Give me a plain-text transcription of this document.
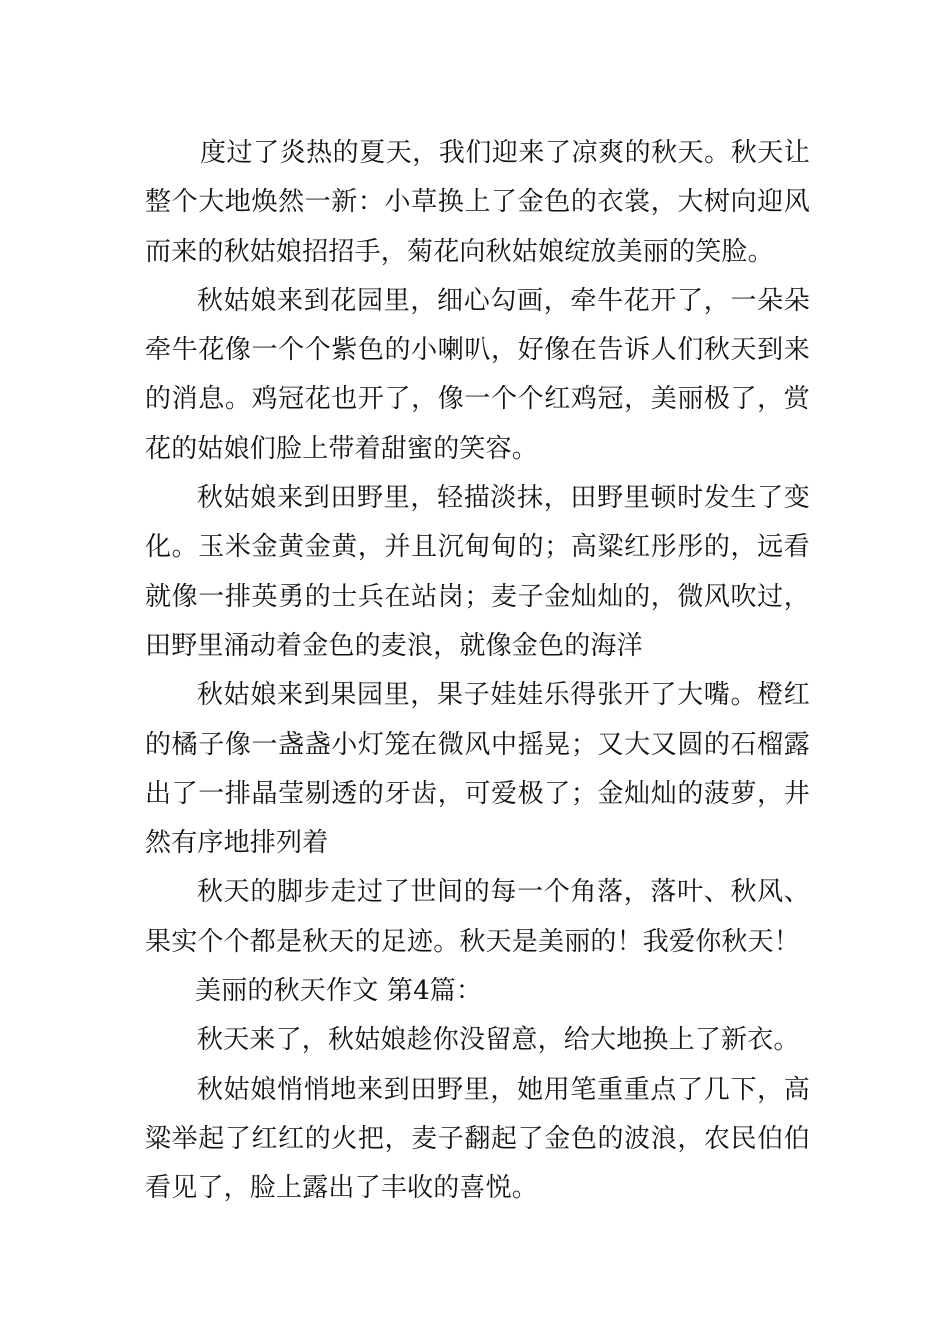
度过了炎热的夏天，我们迎来了凉爽的秋天。秋天让整个大地焕然一新：小草换上了金色的衣裳，大树向迎风而来的秋姑娘招招手，菊花向秋姑娘绽放美丽的笑脸。

秋姑娘来到花园里，细心勾画，牵牛花开了，一朵朵牵牛花像一个个紫色的小喇叭，好像在告诉人们秋天到来的消息。鸡冠花也开了，像一个个红鸡冠，美丽极了，赏花的姑娘们脸上带着甜蜜的笑容。

秋姑娘来到田野里，轻描淡抹，田野里顿时发生了变化。玉米金黄金黄，并且沉甸甸的；高粱红彤彤的，远看就像一排英勇的士兵在站岗；麦子金灿灿的，微风吹过，田野里涌动着金色的麦浪，就像金色的海洋

秋姑娘来到果园里，果子娃娃乐得张开了大嘴。橙红的橘子像一盏盏小灯笼在微风中摇晃；又大又圆的石榴露出了一排晶莹剔透的牙齿，可爱极了；金灿灿的菠萝，井然有序地排列着

秋天的脚步走过了世间的每一个角落，落叶、秋风、果实个个都是秋天的足迹。秋天是美丽的！我爱你秋天！

美丽的秋天作文 第4篇：

秋天来了，秋姑娘趁你没留意，给大地换上了新衣。

秋姑娘悄悄地来到田野里，她用笔重重点了几下，高粱举起了红红的火把，麦子翻起了金色的波浪，农民伯伯看见了，脸上露出了丰收的喜悦。
